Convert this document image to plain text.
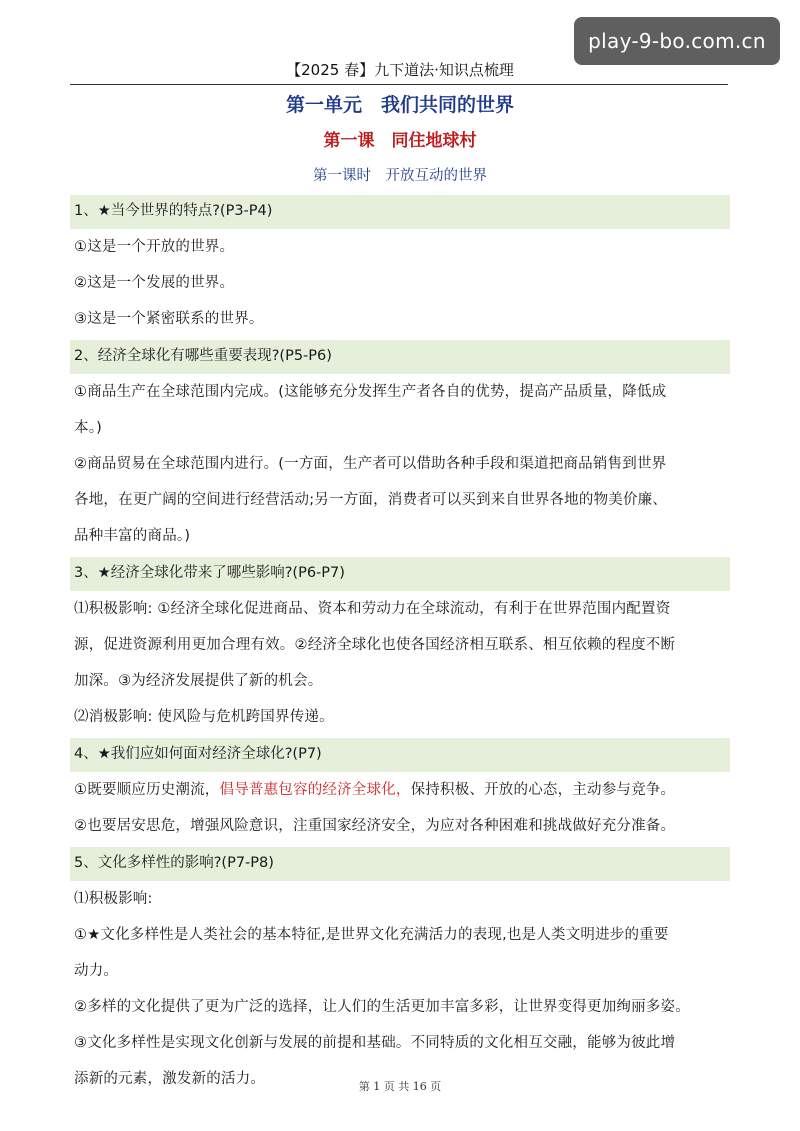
play-9-bo.com.cn
【2025 春】九下道法·知识点梳理
第一单元　我们共同的世界
第一课　同住地球村
第一课时　开放互动的世界
1、★当今世界的特点?(P3-P4)
①这是一个开放的世界。
②这是一个发展的世界。
③这是一个紧密联系的世界。
2、经济全球化有哪些重要表现?(P5-P6)
①商品生产在全球范围内完成。(这能够充分发挥生产者各自的优势，提高产品质量，降低成
本。)
②商品贸易在全球范围内进行。(一方面，生产者可以借助各种手段和渠道把商品销售到世界
各地，在更广阔的空间进行经营活动;另一方面，消费者可以买到来自世界各地的物美价廉、
品种丰富的商品。)
3、★经济全球化带来了哪些影响?(P6-P7)
⑴积极影响: ①经济全球化促进商品、资本和劳动力在全球流动，有利于在世界范围内配置资
源，促进资源利用更加合理有效。②经济全球化也使各国经济相互联系、相互依赖的程度不断
加深。③为经济发展提供了新的机会。
⑵消极影响: 使风险与危机跨国界传递。
4、★我们应如何面对经济全球化?(P7)
①既要顺应历史潮流，倡导普惠包容的经济全球化，保持积极、开放的心态，主动参与竞争。
②也要居安思危，增强风险意识，注重国家经济安全，为应对各种困难和挑战做好充分准备。
5、文化多样性的影响?(P7-P8)
⑴积极影响:
①★文化多样性是人类社会的基本特征,是世界文化充满活力的表现,也是人类文明进步的重要
动力。
②多样的文化提供了更为广泛的选择，让人们的生活更加丰富多彩，让世界变得更加绚丽多姿。
③文化多样性是实现文化创新与发展的前提和基础。不同特质的文化相互交融，能够为彼此增
添新的元素，激发新的活力。	第 1 页 共 16 页
